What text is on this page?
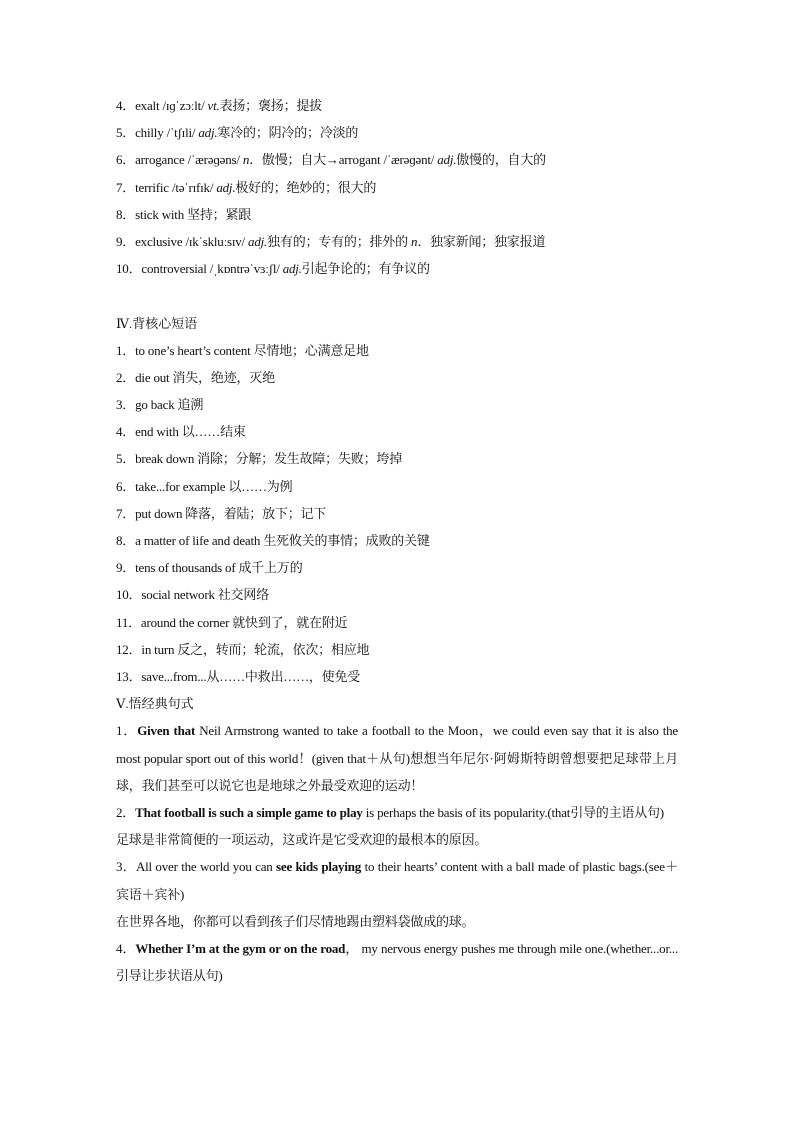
4．exalt /ɪɡˈzɔːlt/ vt.表扬；褒扬；提拔
5．chilly /ˈtʃɪli/ adj.寒冷的；阴冷的；冷淡的
6．arrogance /ˈærəɡəns/ n．傲慢；自大→arrogant /ˈærəɡənt/ adj.傲慢的，自大的
7．terrific /təˈrɪfɪk/ adj.极好的；绝妙的；很大的
8．stick with 坚持；紧跟
9．exclusive /ɪkˈskluːsɪv/ adj.独有的；专有的；排外的 n．独家新闻；独家报道
10．controversial /ˌkɒntrəˈvɜːʃl/ adj.引起争论的；有争议的
Ⅳ.背核心短语
1．to one’s heart’s content 尽情地；心满意足地
2．die out 消失，绝迹，灭绝
3．go back 追溯
4．end with 以……结束
5．break down 消除；分解；发生故障；失败；垮掉
6．take...for example 以……为例
7．put down 降落，着陆；放下；记下
8．a matter of life and death 生死攸关的事情；成败的关键
9．tens of thousands of 成千上万的
10．social network 社交网络
11．around the corner 就快到了，就在附近
12．in turn 反之，转而；轮流，依次；相应地
13．save...from...从……中救出……，使免受
Ⅴ.悟经典句式
1．Given that Neil Armstrong wanted to take a football to the Moon，we could even say that it is also the most popular sport out of this world！(given that＋从句)想想当年尼尔·阿姆斯特朗曾想要把足球带上月球，我们甚至可以说它也是地球之外最受欢迎的运动！
2．That football is such a simple game to play is perhaps the basis of its popularity.(that引导的主语从句)
足球是非常简便的一项运动，这或许是它受欢迎的最根本的原因。
3．All over the world you can see kids playing to their hearts’ content with a ball made of plastic bags.(see＋宾语＋宾补)
在世界各地，你都可以看到孩子们尽情地踢由塑料袋做成的球。
4．Whether I’m at the gym or on the road， my nervous energy pushes me through mile one.(whether...or...引导让步状语从句)
